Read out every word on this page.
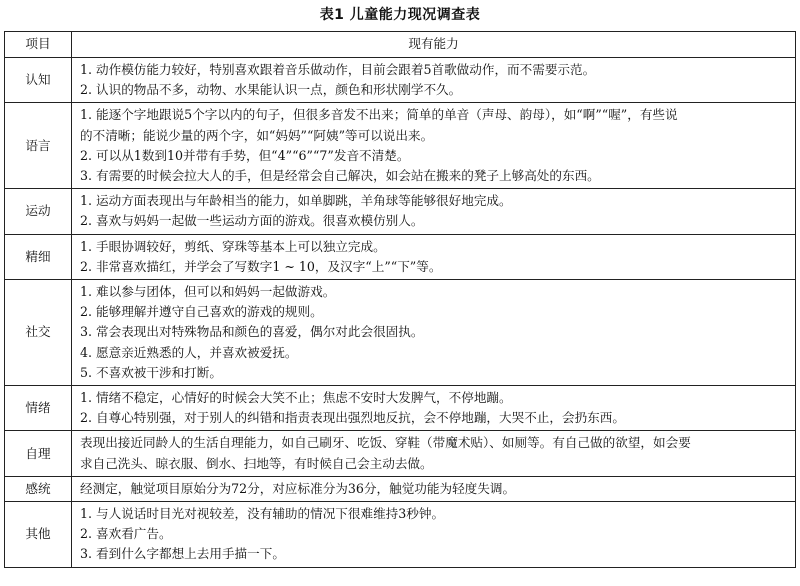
表1 儿童能力现况调查表
项目	现有能力
认知	1. 动作模仿能力较好，特别喜欢跟着音乐做动作，目前会跟着5首歌做动作，而不需要示范。
2. 认识的物品不多，动物、水果能认识一点，颜色和形状刚学不久。

语言	1. 能逐个字地跟说5个字以内的句子，但很多音发不出来；简单的单音（声母、韵母），如“啊”“喔”，有些说
的不清晰；能说少量的两个字，如“妈妈”“阿姨”等可以说出来。
2. 可以从1数到10并带有手势，但“4”“6”“7”发音不清楚。
3. 有需要的时候会拉大人的手，但是经常会自己解决，如会站在搬来的凳子上够高处的东西。

运动	1. 运动方面表现出与年龄相当的能力，如单脚跳，羊角球等能够很好地完成。
2. 喜欢与妈妈一起做一些运动方面的游戏。很喜欢模仿别人。

精细	1. 手眼协调较好，剪纸、穿珠等基本上可以独立完成。
2. 非常喜欢描红，并学会了写数字1 ~ 10，及汉字“上”“下”等。

社交	1. 难以参与团体，但可以和妈妈一起做游戏。
2. 能够理解并遵守自己喜欢的游戏的规则。
3. 常会表现出对特殊物品和颜色的喜爱，偶尔对此会很固执。
4. 愿意亲近熟悉的人，并喜欢被爱抚。
5. 不喜欢被干涉和打断。

情绪	1. 情绪不稳定，心情好的时候会大笑不止；焦虑不安时大发脾气，不停地蹦。
2. 自尊心特别强，对于别人的纠错和指责表现出强烈地反抗，会不停地蹦，大哭不止，会扔东西。

自理	表现出接近同龄人的生活自理能力，如自己刷牙、吃饭、穿鞋（带魔术贴）、如厕等。有自己做的欲望，如会要
求自己洗头、晾衣服、倒水、扫地等，有时候自己会主动去做。

感统	经测定，触觉项目原始分为72分，对应标准分为36分，触觉功能为轻度失调。

其他	1. 与人说话时目光对视较差，没有辅助的情况下很难维持3秒钟。
2. 喜欢看广告。
3. 看到什么字都想上去用手描一下。
